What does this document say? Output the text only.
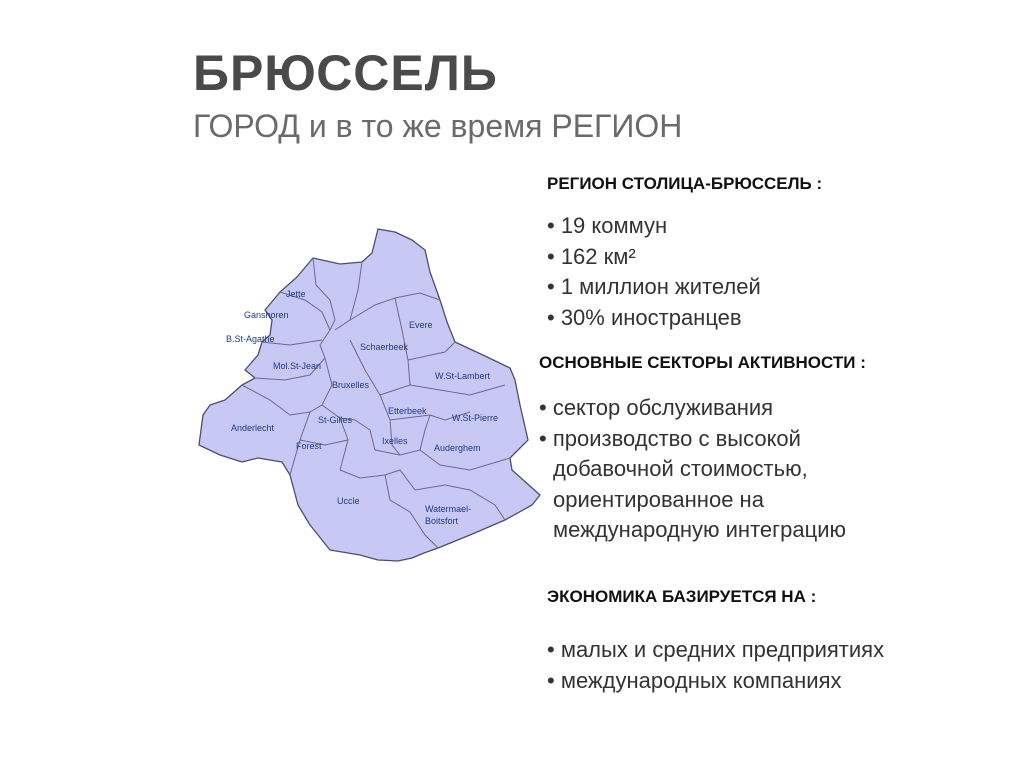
БРЮССЕЛЬ
ГОРОД и в то же время РЕГИОН
Jette
Ganshoren
B.St-Agathe
Mol.St-Jean
Evere
Schaerbeek
Bruxelles
W.St-Lambert
Etterbeek
W.St-Pierre
St-Gilles
Anderlecht
Ixelles
Forest	Auderghem
Uccle
Watermael-
Boitsfort
РЕГИОН СТОЛИЦА-БРЮССЕЛЬ :
• 19 коммун
• 162 км²
• 1 миллион жителей
• 30% иностранцев
ОСНОВНЫЕ СЕКТОРЫ АКТИВНОСТИ :
• сектор обслуживания
• производство с высокой
добавочной стоимостью,
ориентированное на
международную интеграцию
ЭКОНОМИКА БАЗИРУЕТСЯ НА :
• малых и средних предприятиях
• международных компаниях
